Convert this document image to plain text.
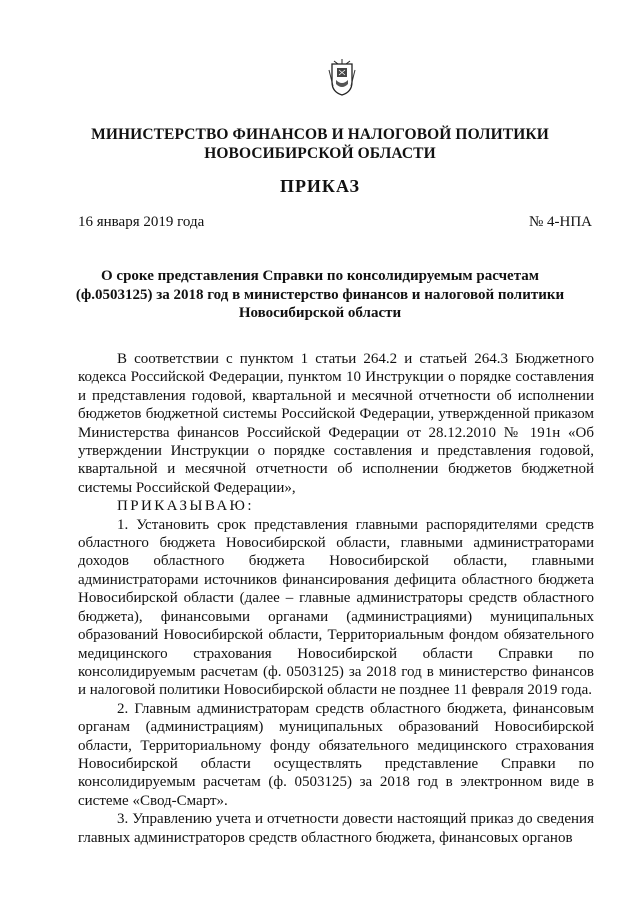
МИНИСТЕРСТВО ФИНАНСОВ И НАЛОГОВОЙ ПОЛИТИКИ
НОВОСИБИРСКОЙ ОБЛАСТИ
ПРИКАЗ
16 января 2019 года	№ 4-НПА
О сроке представления Справки по консолидируемым расчетам (ф.0503125) за 2018 год в министерство финансов и налоговой политики Новосибирской области

В соответствии с пунктом 1 статьи 264.2 и статьей 264.3 Бюджетного кодекса Российской Федерации, пунктом 10 Инструкции о порядке составления и представления годовой, квартальной и месячной отчетности об исполнении бюджетов бюджетной системы Российской Федерации, утвержденной приказом Министерства финансов Российской Федерации от 28.12.2010 № 191н «Об утверждении Инструкции о порядке составления и представления годовой, квартальной и месячной отчетности об исполнении бюджетов бюджетной системы Российской Федерации»,

ПРИКАЗЫВАЮ:

1. Установить срок представления главными распорядителями средств областного бюджета Новосибирской области, главными администраторами доходов областного бюджета Новосибирской области, главными администраторами источников финансирования дефицита областного бюджета Новосибирской области (далее – главные администраторы средств областного бюджета), финансовыми органами (администрациями) муниципальных образований Новосибирской области, Территориальным фондом обязательного медицинского страхования Новосибирской области Справки по консолидируемым расчетам (ф. 0503125) за 2018 год в министерство финансов и налоговой политики Новосибирской области не позднее 11 февраля 2019 года.

2. Главным администраторам средств областного бюджета, финансовым органам (администрациям) муниципальных образований Новосибирской области, Территориальному фонду обязательного медицинского страхования Новосибирской области осуществлять представление Справки по консолидируемым расчетам (ф. 0503125) за 2018 год в электронном виде в системе «Свод-Смарт».

3. Управлению учета и отчетности довести настоящий приказ до сведения главных администраторов средств областного бюджета, финансовых органов
